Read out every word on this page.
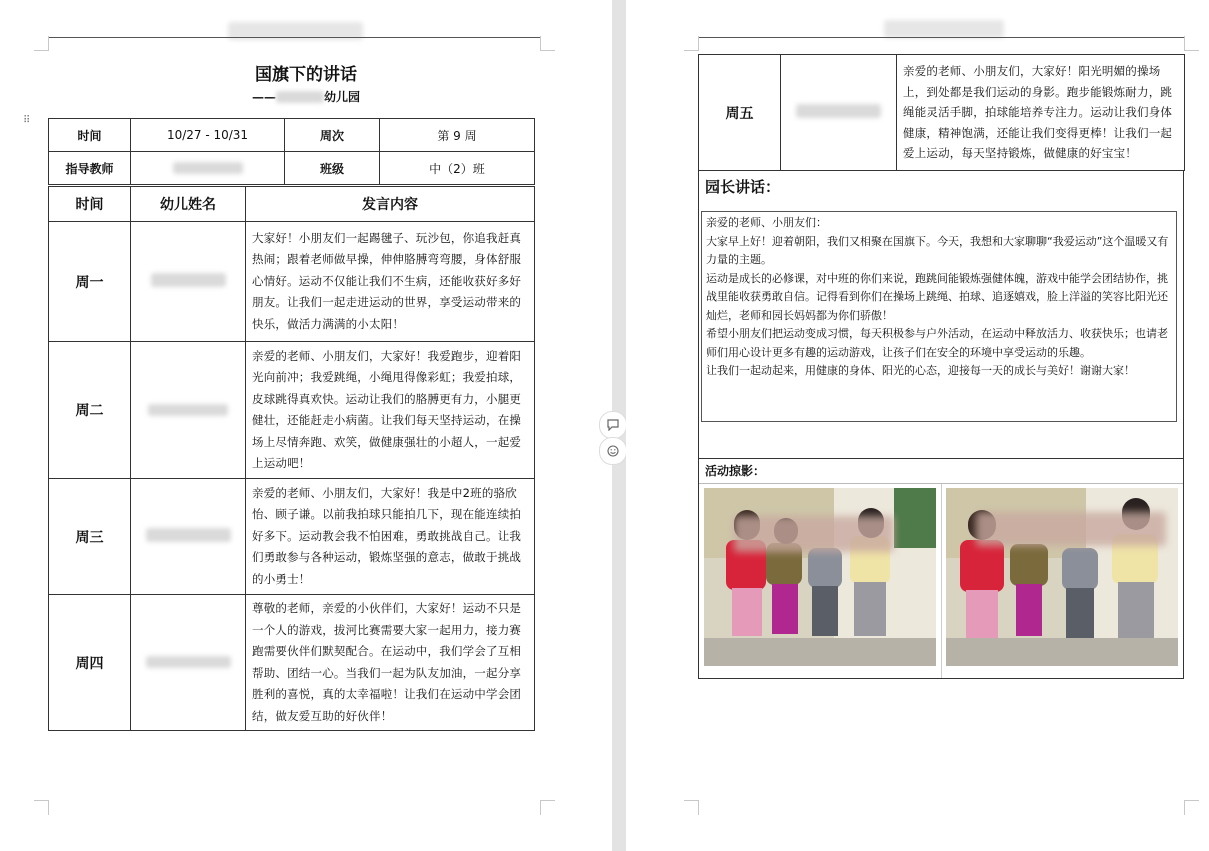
国旗下的讲话
——	幼儿园
⠿
时间	10/27 - 10/31	周次	第 9 周
指导教师		班级	中（2）班
时间	幼儿姓名	发言内容
周一		大家好！小朋友们一起踢毽子、玩沙包，你追我赶真热闹；跟着老师做早操，伸伸胳膊弯弯腰，身体舒服心情好。运动不仅能让我们不生病，还能收获好多好朋友。让我们一起走进运动的世界，享受运动带来的快乐，做活力满满的小太阳！
周二		亲爱的老师、小朋友们，大家好！我爱跑步，迎着阳光向前冲；我爱跳绳，小绳甩得像彩虹；我爱拍球，皮球跳得真欢快。运动让我们的胳膊更有力，小腿更健壮，还能赶走小病菌。让我们每天坚持运动，在操场上尽情奔跑、欢笑，做健康强壮的小超人，一起爱上运动吧！
周三		亲爱的老师、小朋友们，大家好！我是中2班的骆欣怡、顾子谦。以前我拍球只能拍几下，现在能连续拍好多下。运动教会我不怕困难，勇敢挑战自己。让我们勇敢参与各种运动，锻炼坚强的意志，做敢于挑战的小勇士！
周四		尊敬的老师，亲爱的小伙伴们，大家好！运动不只是一个人的游戏，拔河比赛需要大家一起用力，接力赛跑需要伙伴们默契配合。在运动中，我们学会了互相帮助、团结一心。当我们一起为队友加油，一起分享胜利的喜悦，真的太幸福啦！让我们在运动中学会团结，做友爱互助的好伙伴！
周五		亲爱的老师、小朋友们，大家好！阳光明媚的操场上，到处都是我们运动的身影。跑步能锻炼耐力，跳绳能灵活手脚，拍球能培养专注力。运动让我们身体健康，精神饱满，还能让我们变得更棒！让我们一起爱上运动，每天坚持锻炼，做健康的好宝宝！
园长讲话：
亲爱的老师、小朋友们：
大家早上好！迎着朝阳，我们又相聚在国旗下。今天，我想和大家聊聊“我爱运动”这个温暖又有力量的主题。
运动是成长的必修课，对中班的你们来说，跑跳间能锻炼强健体魄，游戏中能学会团结协作，挑战里能收获勇敢自信。记得看到你们在操场上跳绳、拍球、追逐嬉戏，脸上洋溢的笑容比阳光还灿烂，老师和园长妈妈都为你们骄傲！
希望小朋友们把运动变成习惯，每天积极参与户外活动，在运动中释放活力、收获快乐；也请老师们用心设计更多有趣的运动游戏，让孩子们在安全的环境中享受运动的乐趣。
让我们一起动起来，用健康的身体、阳光的心态，迎接每一天的成长与美好！谢谢大家！
活动掠影：
